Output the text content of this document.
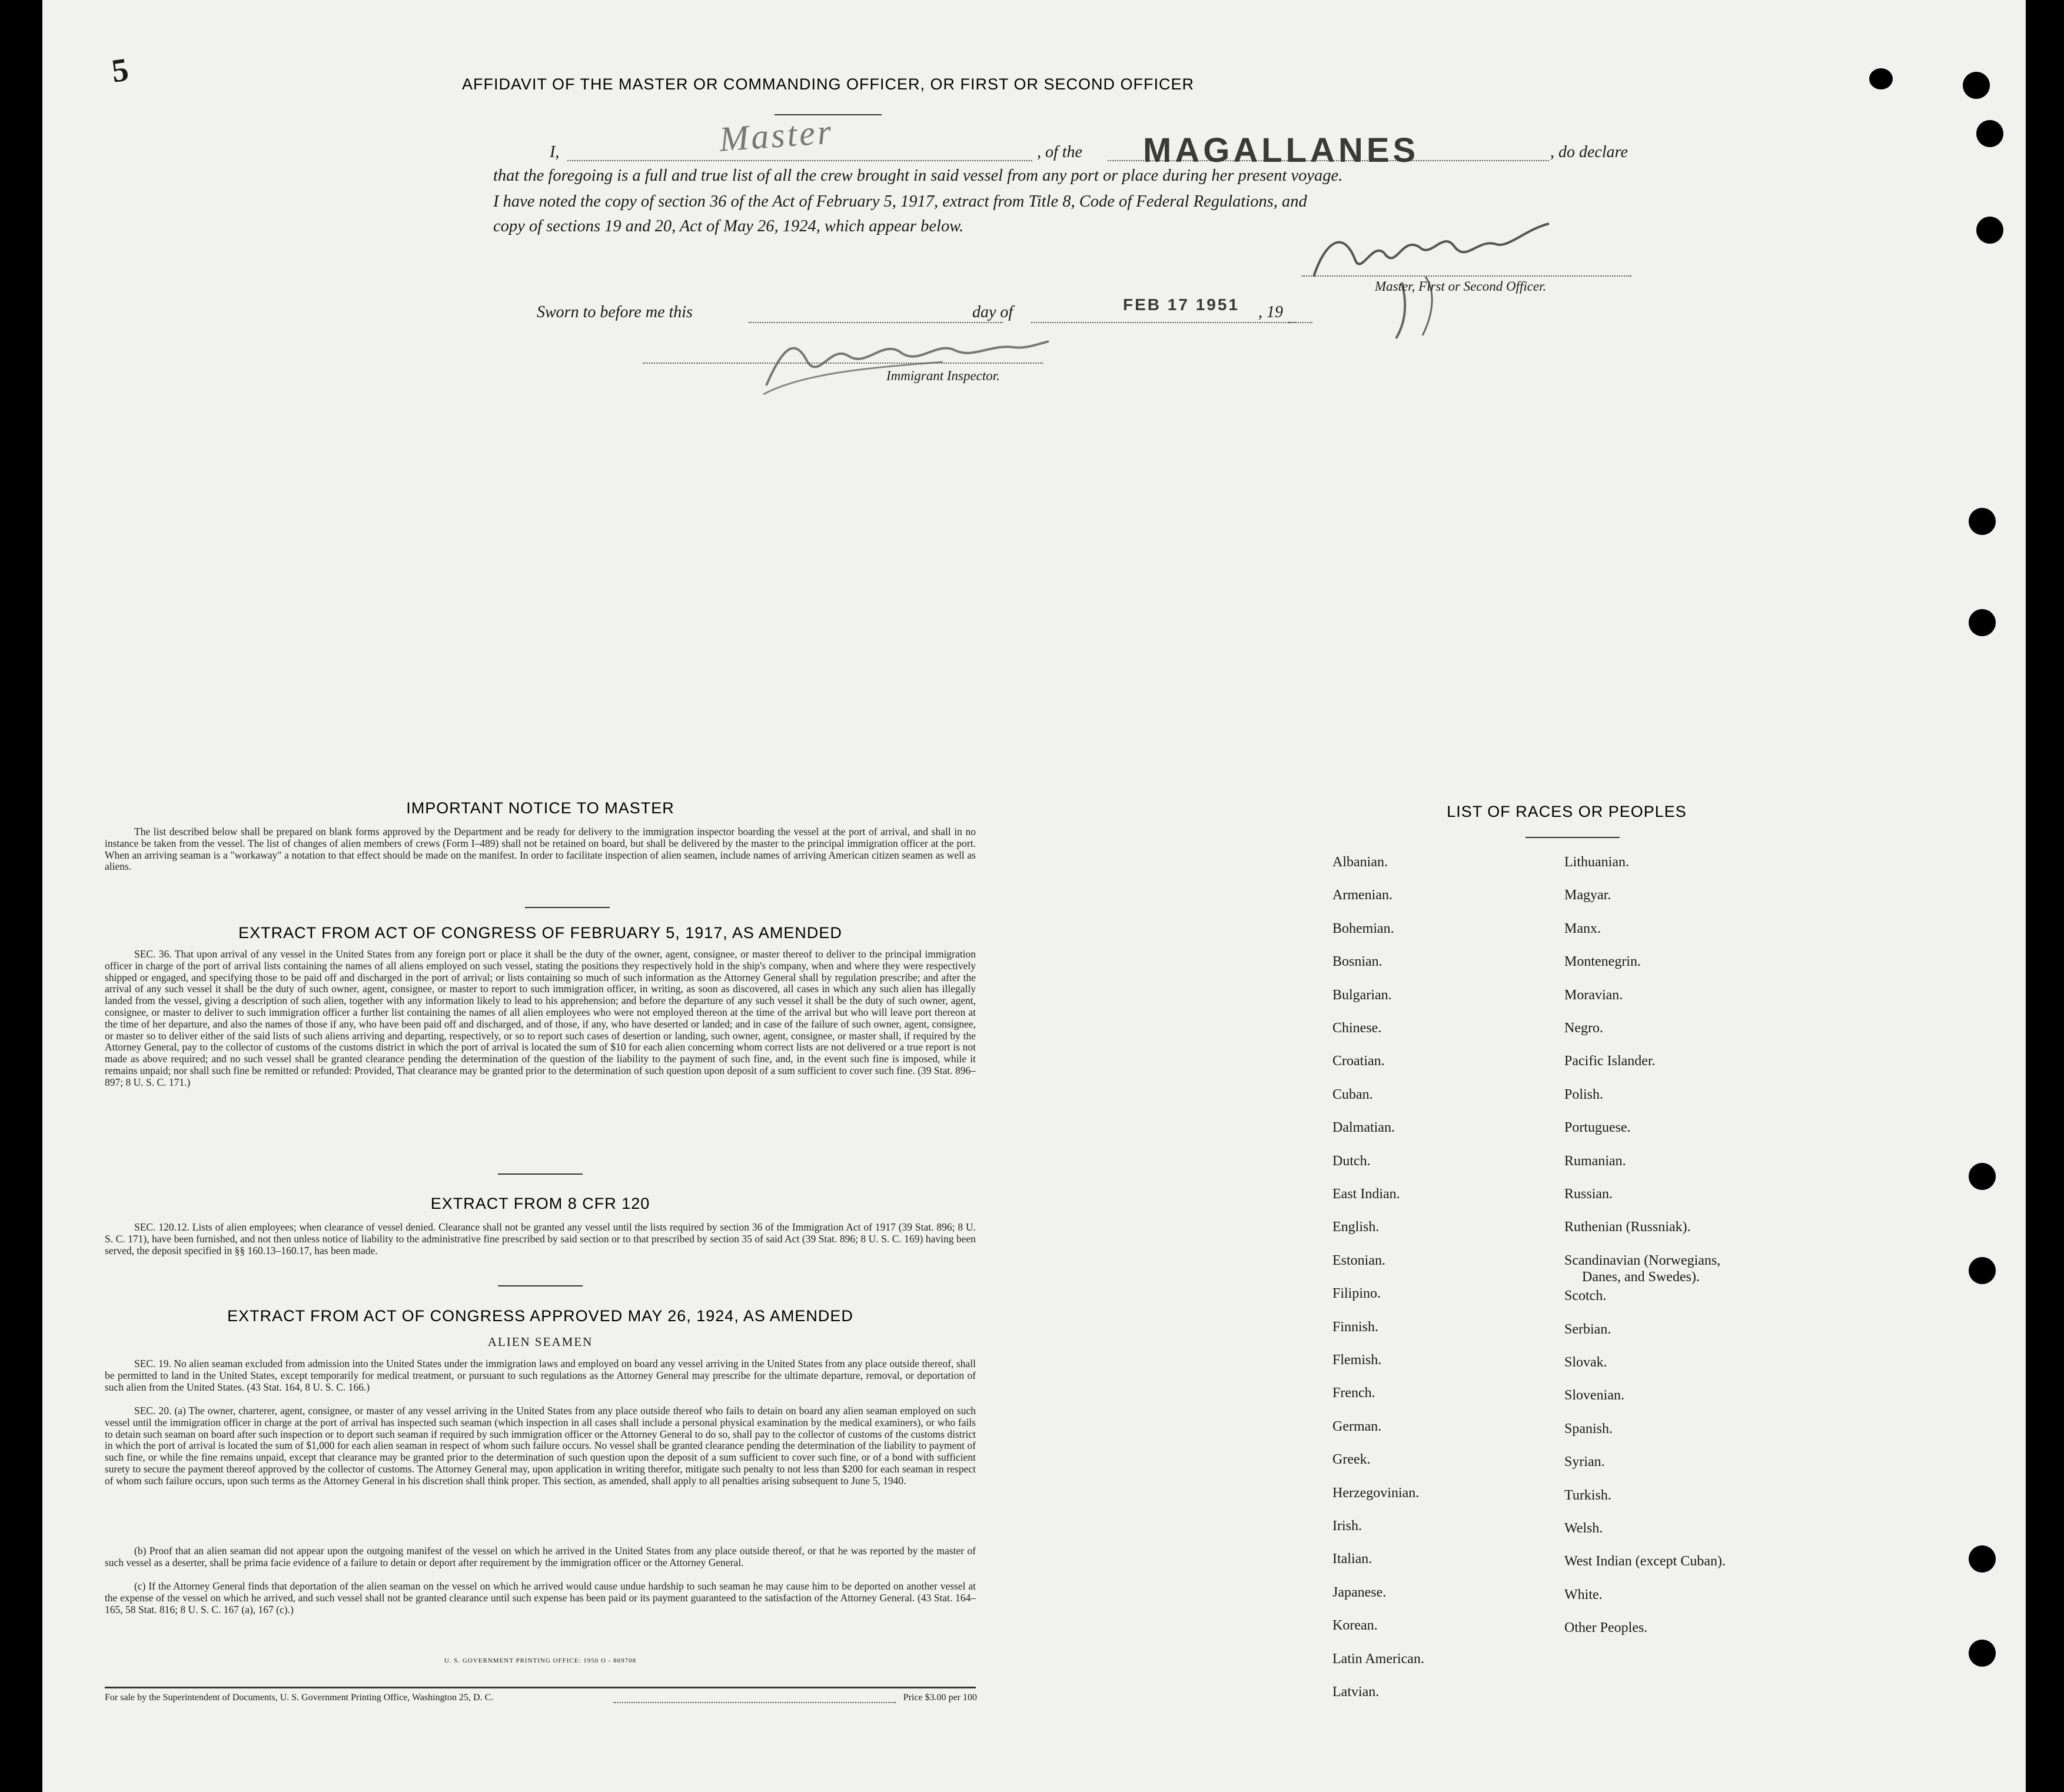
5	AFFIDAVIT OF THE MASTER OR COMMANDING OFFICER, OR FIRST OR SECOND OFFICER
I,	Master	, of the MAGALLANES	, do declare
that the foregoing is a full and true list of all the crew brought in said vessel from any port or place during her present voyage.
I have noted the copy of section 36 of the Act of February 5, 1917, extract from Title 8, Code of Federal Regulations, and
copy of sections 19 and 20, Act of May 26, 1924, which appear below.
Master, First or Second Officer.
Sworn to before me this	day of	FEB 17 1951 , 19
Immigrant Inspector.
IMPORTANT NOTICE TO MASTER
The list described below shall be prepared on blank forms approved by the Department and be ready for delivery to the immigration inspector boarding the vessel at the port of arrival, and shall in no instance be taken from the vessel. The list of changes of alien members of crews (Form I–489) shall not be retained on board, but shall be delivered by the master to the principal immigration officer at the port. When an arriving seaman is a "workaway" a notation to that effect should be made on the manifest. In order to facilitate inspection of alien seamen, include names of arriving American citizen seamen as well as aliens.
EXTRACT FROM ACT OF CONGRESS OF FEBRUARY 5, 1917, AS AMENDED
SEC. 36. That upon arrival of any vessel in the United States from any foreign port or place it shall be the duty of the owner, agent, consignee, or master thereof to deliver to the principal immigration officer in charge of the port of arrival lists containing the names of all aliens employed on such vessel, stating the positions they respectively hold in the ship's company, when and where they were respectively shipped or engaged, and specifying those to be paid off and discharged in the port of arrival; or lists containing so much of such information as the Attorney General shall by regulation prescribe; and after the arrival of any such vessel it shall be the duty of such owner, agent, consignee, or master to report to such immigration officer, in writing, as soon as discovered, all cases in which any such alien has illegally landed from the vessel, giving a description of such alien, together with any information likely to lead to his apprehension; and before the departure of any such vessel it shall be the duty of such owner, agent, consignee, or master to deliver to such immigration officer a further list containing the names of all alien employees who were not employed thereon at the time of the arrival but who will leave port thereon at the time of her departure, and also the names of those if any, who have been paid off and discharged, and of those, if any, who have deserted or landed; and in case of the failure of such owner, agent, consignee, or master so to deliver either of the said lists of such aliens arriving and departing, respectively, or so to report such cases of desertion or landing, such owner, agent, consignee, or master shall, if required by the Attorney General, pay to the collector of customs of the customs district in which the port of arrival is located the sum of $10 for each alien concerning whom correct lists are not delivered or a true report is not made as above required; and no such vessel shall be granted clearance pending the determination of the question of the liability to the payment of such fine, and, in the event such fine is imposed, while it remains unpaid; nor shall such fine be remitted or refunded: Provided, That clearance may be granted prior to the determination of such question upon deposit of a sum sufficient to cover such fine. (39 Stat. 896–897; 8 U. S. C. 171.)
EXTRACT FROM 8 CFR 120
SEC. 120.12. Lists of alien employees; when clearance of vessel denied. Clearance shall not be granted any vessel until the lists required by section 36 of the Immigration Act of 1917 (39 Stat. 896; 8 U. S. C. 171), have been furnished, and not then unless notice of liability to the administrative fine prescribed by said section or to that prescribed by section 35 of said Act (39 Stat. 896; 8 U. S. C. 169) having been served, the deposit specified in §§ 160.13–160.17, has been made.
EXTRACT FROM ACT OF CONGRESS APPROVED MAY 26, 1924, AS AMENDED
ALIEN SEAMEN
SEC. 19. No alien seaman excluded from admission into the United States under the immigration laws and employed on board any vessel arriving in the United States from any place outside thereof, shall be permitted to land in the United States, except temporarily for medical treatment, or pursuant to such regulations as the Attorney General may prescribe for the ultimate departure, removal, or deportation of such alien from the United States. (43 Stat. 164, 8 U. S. C. 166.)
SEC. 20. (a) The owner, charterer, agent, consignee, or master of any vessel arriving in the United States from any place outside thereof who fails to detain on board any alien seaman employed on such vessel until the immigration officer in charge at the port of arrival has inspected such seaman (which inspection in all cases shall include a personal physical examination by the medical examiners), or who fails to detain such seaman on board after such inspection or to deport such seaman if required by such immigration officer or the Attorney General to do so, shall pay to the collector of customs of the customs district in which the port of arrival is located the sum of $1,000 for each alien seaman in respect of whom such failure occurs. No vessel shall be granted clearance pending the determination of the liability to payment of such fine, or while the fine remains unpaid, except that clearance may be granted prior to the determination of such question upon the deposit of a sum sufficient to cover such fine, or of a bond with sufficient surety to secure the payment thereof approved by the collector of customs. The Attorney General may, upon application in writing therefor, mitigate such penalty to not less than $200 for each seaman in respect of whom such failure occurs, upon such terms as the Attorney General in his discretion shall think proper. This section, as amended, shall apply to all penalties arising subsequent to June 5, 1940.
(b) Proof that an alien seaman did not appear upon the outgoing manifest of the vessel on which he arrived in the United States from any place outside thereof, or that he was reported by the master of such vessel as a deserter, shall be prima facie evidence of a failure to detain or deport after requirement by the immigration officer or the Attorney General.
(c) If the Attorney General finds that deportation of the alien seaman on the vessel on which he arrived would cause undue hardship to such seaman he may cause him to be deported on another vessel at the expense of the vessel on which he arrived, and such vessel shall not be granted clearance until such expense has been paid or its payment guaranteed to the satisfaction of the Attorney General. (43 Stat. 164–165, 58 Stat. 816; 8 U. S. C. 167 (a), 167 (c).)
U. S. GOVERNMENT PRINTING OFFICE: 1950 O - 869708
For sale by the Superintendent of Documents, U. S. Government Printing Office, Washington 25, D. C.	Price $3.00 per 100
LIST OF RACES OR PEOPLES
Albanian.
Armenian.
Bohemian.
Bosnian.
Bulgarian.
Chinese.
Croatian.
Cuban.
Dalmatian.
Dutch.
East Indian.
English.
Estonian.
Filipino.
Finnish.
Flemish.
French.
German.
Greek.
Herzegovinian.
Irish.
Italian.
Japanese.
Korean.
Latin American.
Latvian.
Lithuanian.
Magyar.
Manx.
Montenegrin.
Moravian.
Negro.
Pacific Islander.
Polish.
Portuguese.
Rumanian.
Russian.
Ruthenian (Russniak).
Scandinavian (Norwegians,
Danes, and Swedes).
Scotch.
Serbian.
Slovak.
Slovenian.
Spanish.
Syrian.
Turkish.
Welsh.
West Indian (except Cuban).
White.
Other Peoples.
